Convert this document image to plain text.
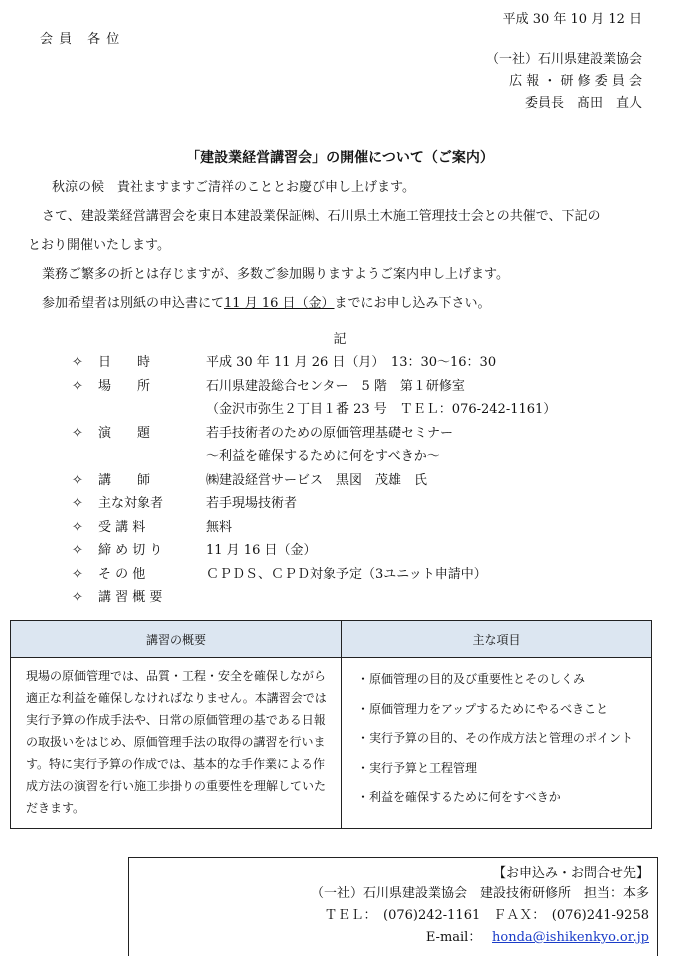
平成 30 年 10 月 12 日
会 員　各 位
（一社）石川県建設業協会
広 報 ・ 研 修 委 員 会
委員長　髙田　直人
「建設業経営講習会」の開催について（ご案内）
秋涼の候　貴社ますますご清祥のこととお慶び申し上げます。
さて、建設業経営講習会を東日本建設業保証㈱、石川県土木施工管理技士会との共催で、下記の
とおり開催いたします。
業務ご繁多の折とは存じますが、多数ご参加賜りますようご案内申し上げます。
参加希望者は別紙の申込書にて11 月 16 日（金）までにお申し込み下さい。
記
✧ 日　　時	平成 30 年 11 月 26 日（月）　13：30～16：30
✧ 場　　所	石川県建設総合センター　5 階　第１研修室
（金沢市弥生２丁目１番 23 号　ＴＥＬ：076-242-1161）
✧ 演　　題	若手技術者のための原価管理基礎セミナー
～利益を確保するために何をすべきか～
✧ 講　　師	㈱建設経営サービス　黒図　茂雄　氏
✧ 主な対象者	若手現場技術者
✧ 受 講 料	無料
✧ 締 め 切 り	11 月 16 日（金）
✧ そ の 他	ＣＰＤＳ、ＣＰＤ対象予定（3ユニット申請中）
✧ 講 習 概 要
講習の概要	主な項目

現場の原価管理では、品質・工程・安全を確保しながら適正な利益を確保しなければなりません。本講習会では実行予算の作成手法や、日常の原価管理の基である日報の取扱いをはじめ、原価管理手法の取得の講習を行います。特に実行予算の作成では、基本的な手作業による作成方法の演習を行い施工歩掛りの重要性を理解していただきます。	・原価管理の目的及び重要性とそのしくみ
・原価管理力をアップするためにやるべきこと
・実行予算の目的、その作成方法と管理のポイント
・実行予算と工程管理
・利益を確保するために何をすべきか
【お申込み・お問合せ先】
（一社）石川県建設業協会　建設技術研修所　担当：本多
ＴＥＬ：　(076)242-1161　ＦＡＸ：　(076)241-9258
E-mail：　 honda@ishikenkyo.or.jp
